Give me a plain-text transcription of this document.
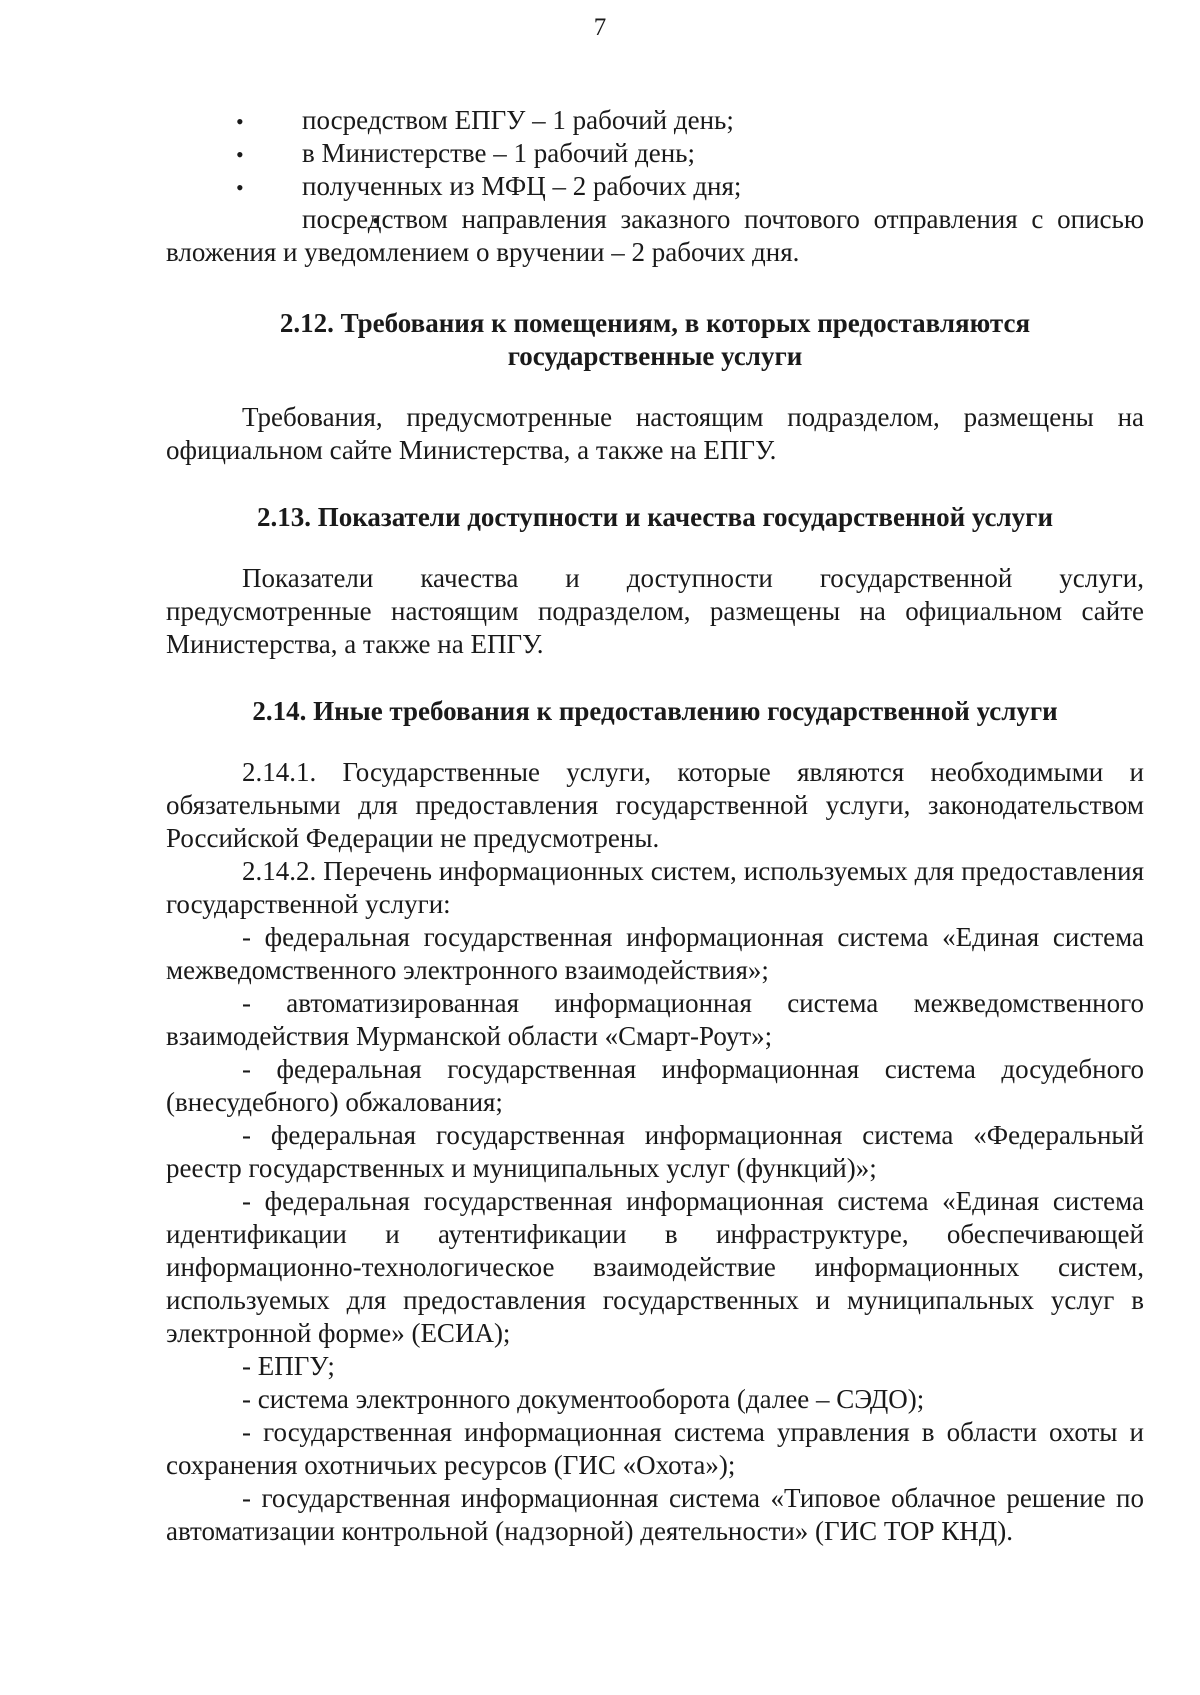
7
• посредством ЕПГУ – 1 рабочий день;
• в Министерстве – 1 рабочий день;
• полученных из МФЦ – 2 рабочих дня;
• посредством направления заказного почтового отправления с описью вложения и уведомлением о вручении – 2 рабочих дня.
2.12. Требования к помещениям, в которых предоставляются
государственные услуги

Требования, предусмотренные настоящим подразделом, размещены на официальном сайте Министерства, а также на ЕПГУ.

2.13. Показатели доступности и качества государственной услуги

Показатели качества и доступности государственной услуги, предусмотренные настоящим подразделом, размещены на официальном сайте Министерства, а также на ЕПГУ.

2.14. Иные требования к предоставлению государственной услуги

2.14.1. Государственные услуги, которые являются необходимыми и обязательными для предоставления государственной услуги, законодательством Российской Федерации не предусмотрены.

2.14.2. Перечень информационных систем, используемых для предоставления государственной услуги:

- федеральная государственная информационная система «Единая система межведомственного электронного взаимодействия»;

- автоматизированная информационная система межведомственного взаимодействия Мурманской области «Смарт-Роут»;

- федеральная государственная информационная система досудебного (внесудебного) обжалования;

- федеральная государственная информационная система «Федеральный реестр государственных и муниципальных услуг (функций)»;

- федеральная государственная информационная система «Единая система идентификации и аутентификации в инфраструктуре, обеспечивающей информационно-технологическое взаимодействие информационных систем, используемых для предоставления государственных и муниципальных услуг в электронной форме» (ЕСИА);

- ЕПГУ;

- система электронного документооборота (далее – СЭДО);

- государственная информационная система управления в области охоты и сохранения охотничьих ресурсов (ГИС «Охота»);

- государственная информационная система «Типовое облачное решение по автоматизации контрольной (надзорной) деятельности» (ГИС ТОР КНД).
